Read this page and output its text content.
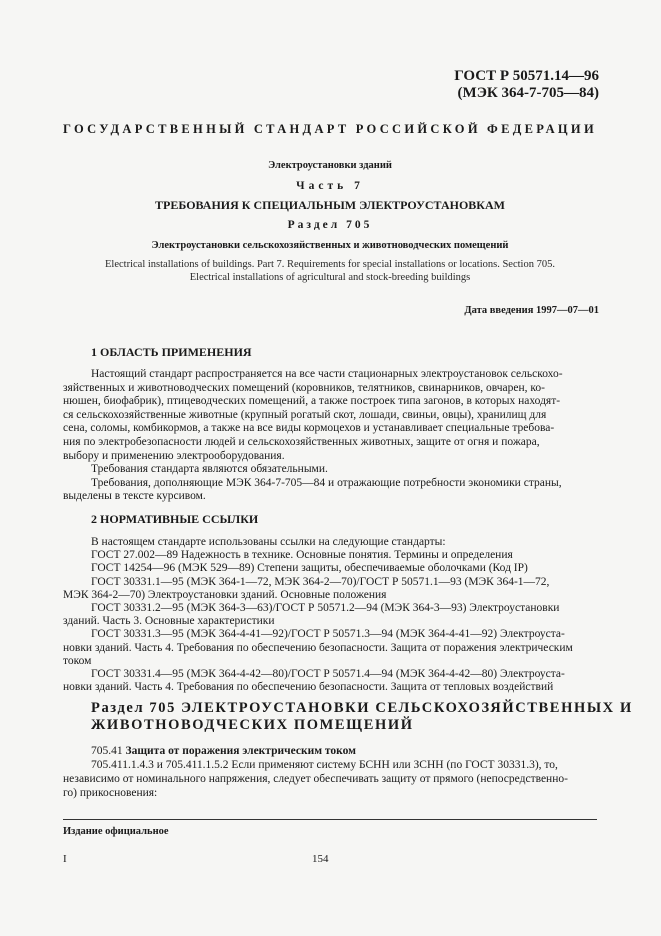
ГОСТ Р 50571.14—96
(МЭК 364-7-705—84)
ГОСУДАРСТВЕННЫЙ СТАНДАРТ РОССИЙСКОЙ ФЕДЕРАЦИИ
Электроустановки зданий
Часть 7
ТРЕБОВАНИЯ К СПЕЦИАЛЬНЫМ ЭЛЕКТРОУСТАНОВКАМ
Раздел 705
Электроустановки сельскохозяйственных и животноводческих помещений
Electrical installations of buildings. Part 7. Requirements for special installations or locations. Section 705.
Electrical installations of agricultural and stock-breeding buildings
Дата введения 1997—07—01
1 ОБЛАСТЬ ПРИМЕНЕНИЯ
Настоящий стандарт распространяется на все части стационарных электроустановок сельскохо-
зяйственных и животноводческих помещений (коровников, телятников, свинарников, овчарен, ко-
нюшен, биофабрик), птицеводческих помещений, а также построек типа загонов, в которых находят-
ся сельскохозяйственные животные (крупный рогатый скот, лошади, свиньи, овцы), хранилищ для
сена, соломы, комбикормов, а также на все виды кормоцехов и устанавливает специальные требова-
ния по электробезопасности людей и сельскохозяйственных животных, защите от огня и пожара,
выбору и применению электрооборудования.
Требования стандарта являются обязательными.
Требования, дополняющие МЭК 364-7-705—84 и отражающие потребности экономики страны,
выделены в тексте курсивом.
2 НОРМАТИВНЫЕ ССЫЛКИ
В настоящем стандарте использованы ссылки на следующие стандарты:
ГОСТ 27.002—89 Надежность в технике. Основные понятия. Термины и определения
ГОСТ 14254—96 (МЭК 529—89) Степени защиты, обеспечиваемые оболочками (Код IP)
ГОСТ 30331.1—95 (МЭК 364-1—72, МЭК 364-2—70)/ГОСТ Р 50571.1—93 (МЭК 364-1—72,
МЭК 364-2—70) Электроустановки зданий. Основные положения
ГОСТ 30331.2—95 (МЭК 364-3—63)/ГОСТ Р 50571.2—94 (МЭК 364-3—93) Электроустановки
зданий. Часть 3. Основные характеристики
ГОСТ 30331.3—95 (МЭК 364-4-41—92)/ГОСТ Р 50571.3—94 (МЭК 364-4-41—92) Электроуста-
новки зданий. Часть 4. Требования по обеспечению безопасности. Защита от поражения электрическим
током
ГОСТ 30331.4—95 (МЭК 364-4-42—80)/ГОСТ Р 50571.4—94 (МЭК 364-4-42—80) Электроуста-
новки зданий. Часть 4. Требования по обеспечению безопасности. Защита от тепловых воздействий
Раздел 705 ЭЛЕКТРОУСТАНОВКИ СЕЛЬСКОХОЗЯЙСТВЕННЫХ И
ЖИВОТНОВОДЧЕСКИХ ПОМЕЩЕНИЙ
705.41 Защита от поражения электрическим током
705.411.1.4.3 и 705.411.1.5.2 Если применяют систему БСНН или ЗСНН (по ГОСТ 30331.3), то,
независимо от номинального напряжения, следует обеспечивать защиту от прямого (непосредственно-
го) прикосновения:
Издание официальное
I	154
